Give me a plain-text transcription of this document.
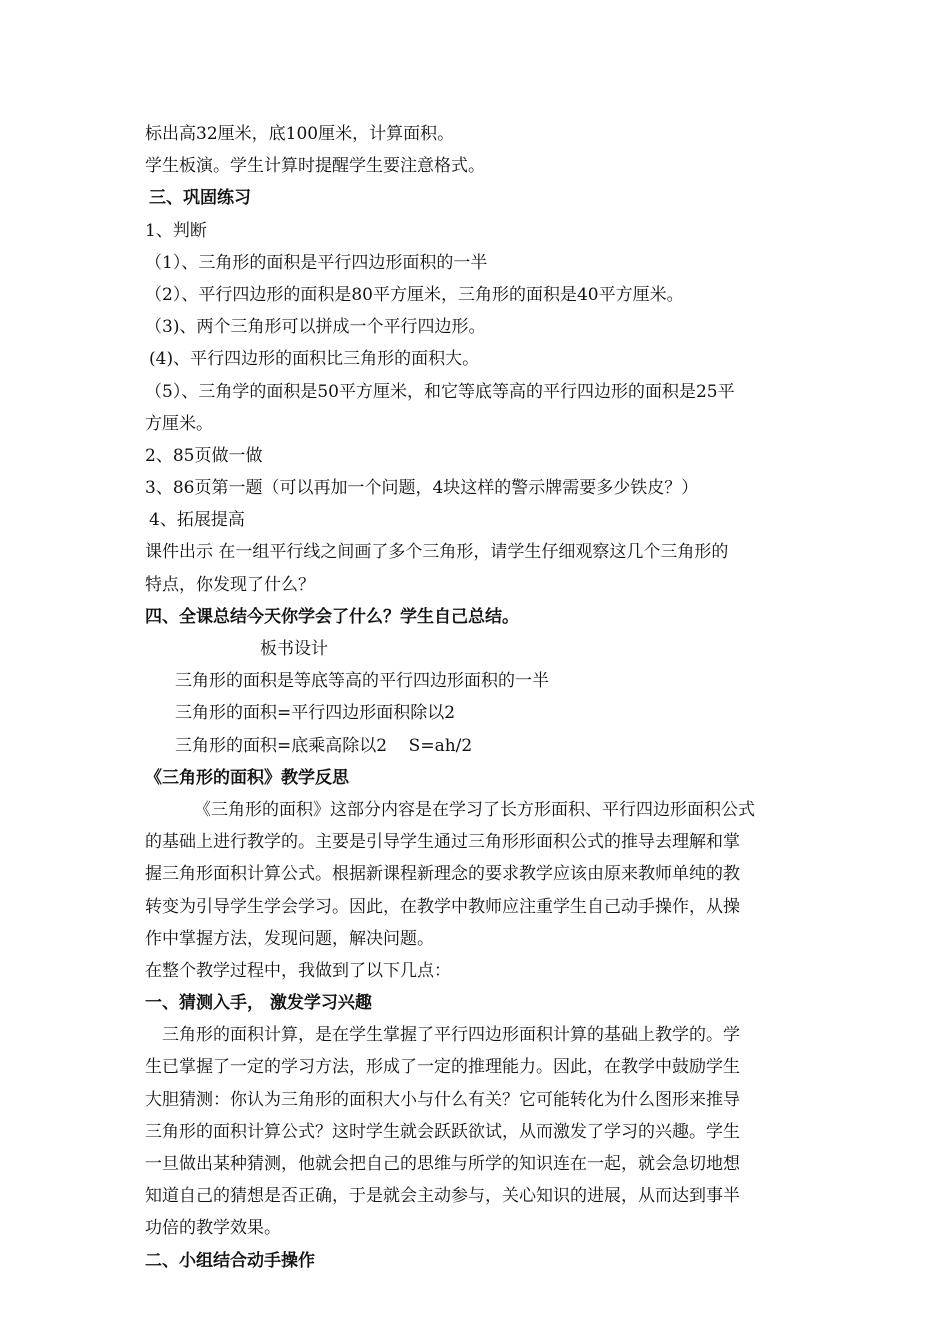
标出高32厘米，底100厘米，计算面积。
学生板演。学生计算时提醒学生要注意格式。
三、巩固练习
1、判断
（1）、三角形的面积是平行四边形面积的一半
（2）、平行四边形的面积是80平方厘米，三角形的面积是40平方厘米。
（3)、两个三角形可以拼成一个平行四边形。
(4)、平行四边形的面积比三角形的面积大。
（5）、三角学的面积是50平方厘米，和它等底等高的平行四边形的面积是25平
方厘米。
2、85页做一做
3、86页第一题（可以再加一个问题，4块这样的警示牌需要多少铁皮？）
4、拓展提高
课件出示 在一组平行线之间画了多个三角形，请学生仔细观察这几个三角形的
特点，你发现了什么？
四、全课总结今天你学会了什么？学生自己总结。
板书设计
三角形的面积是等底等高的平行四边形面积的一半
三角形的面积=平行四边形面积除以2
三角形的面积=底乘高除以2    S=ah/2
《三角形的面积》教学反思
《三角形的面积》这部分内容是在学习了长方形面积、平行四边形面积公式
的基础上进行教学的。主要是引导学生通过三角形形面积公式的推导去理解和掌
握三角形面积计算公式。根据新课程新理念的要求教学应该由原来教师单纯的教
转变为引导学生学会学习。因此，在教学中教师应注重学生自己动手操作，从操
作中掌握方法，发现问题，解决问题。
在整个教学过程中，我做到了以下几点：
一、猜测入手， 激发学习兴趣
三角形的面积计算，是在学生掌握了平行四边形面积计算的基础上教学的。学
生已掌握了一定的学习方法，形成了一定的推理能力。因此，在教学中鼓励学生
大胆猜测：你认为三角形的面积大小与什么有关？它可能转化为什么图形来推导
三角形的面积计算公式？这时学生就会跃跃欲试，从而激发了学习的兴趣。学生
一旦做出某种猜测，他就会把自己的思维与所学的知识连在一起，就会急切地想
知道自己的猜想是否正确，于是就会主动参与，关心知识的进展，从而达到事半
功倍的教学效果。
二、小组结合动手操作
